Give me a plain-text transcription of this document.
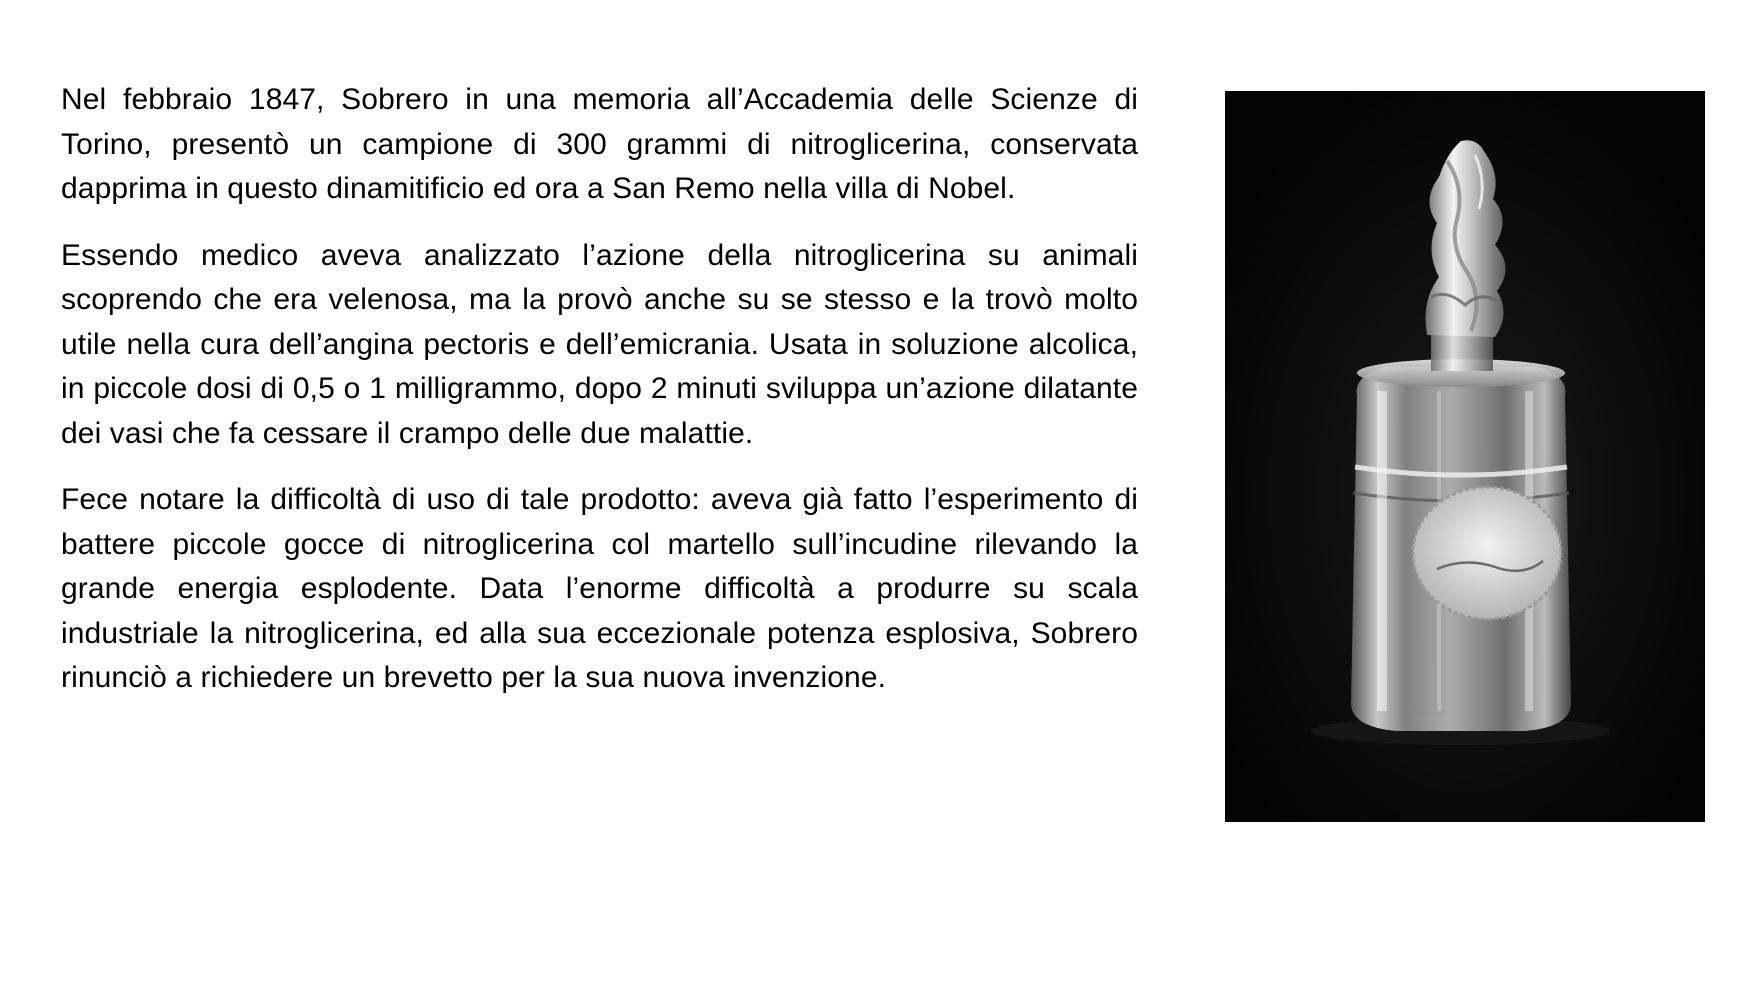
Nel febbraio 1847, Sobrero in una memoria all’Accademia delle Scienze di Torino, presentò un campione di 300 grammi di nitroglicerina, conservata dapprima in questo dinamitificio ed ora a San Remo nella villa di Nobel.

Essendo medico aveva analizzato l’azione della nitroglicerina su animali scoprendo che era velenosa, ma la provò anche su se stesso e la trovò molto utile nella cura dell’angina pectoris e dell’emicrania. Usata in soluzione alcolica, in piccole dosi di 0,5 o 1 milligrammo, dopo 2 minuti sviluppa un’azione dilatante dei vasi che fa cessare il crampo delle due malattie.

Fece notare la difficoltà di uso di tale prodotto: aveva già fatto l’esperimento di battere piccole gocce di nitroglicerina col martello sull’incudine rilevando la grande energia esplodente. Data l’enorme difficoltà a produrre su scala industriale la nitroglicerina, ed alla sua eccezionale potenza esplosiva, Sobrero rinunciò a richiedere un brevetto per la sua nuova invenzione.
